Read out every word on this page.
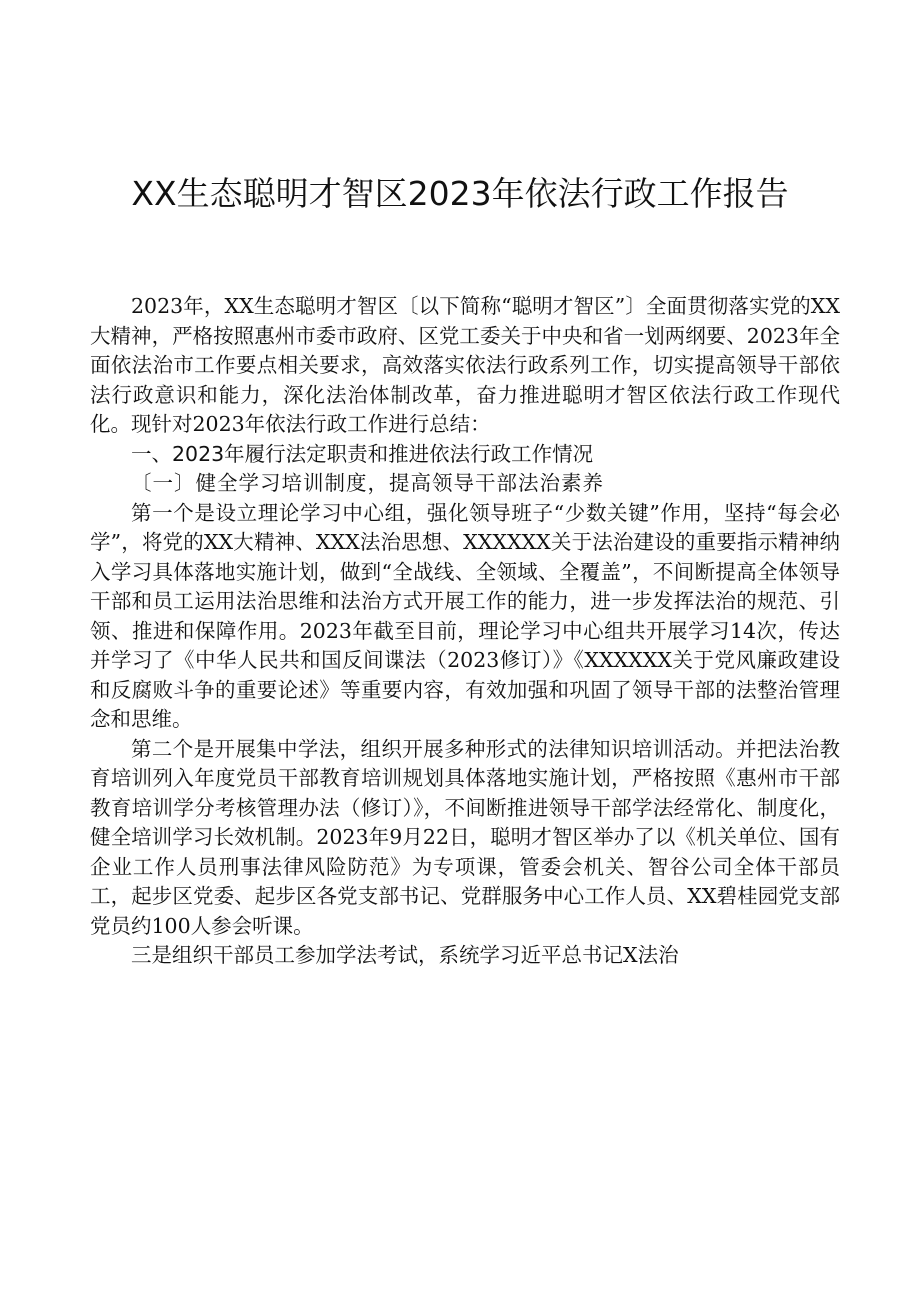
XX生态聪明才智区2023年依法行政工作报告

2023年，XX生态聪明才智区〔以下简称“聪明才智区”〕全面贯彻落实党的XX大精神，严格按照惠州市委市政府、区党工委关于中央和省一划两纲要、2023年全面依法治市工作要点相关要求，高效落实依法行政系列工作，切实提高领导干部依法行政意识和能力，深化法治体制改革，奋力推进聪明才智区依法行政工作现代化。现针对2023年依法行政工作进行总结：

一、2023年履行法定职责和推进依法行政工作情况

〔一〕健全学习培训制度，提高领导干部法治素养

第一个是设立理论学习中心组，强化领导班子“少数关键”作用，坚持“每会必学”，将党的XX大精神、XXX法治思想、XXXXXX关于法治建设的重要指示精神纳入学习具体落地实施计划，做到“全战线、全领域、全覆盖”，不间断提高全体领导干部和员工运用法治思维和法治方式开展工作的能力，进一步发挥法治的规范、引领、推进和保障作用。2023年截至目前，理论学习中心组共开展学习14次，传达并学习了《中华人民共和国反间谍法（2023修订）》《XXXXXX关于党风廉政建设和反腐败斗争的重要论述》等重要内容，有效加强和巩固了领导干部的法整治管理念和思维。

第二个是开展集中学法，组织开展多种形式的法律知识培训活动。并把法治教育培训列入年度党员干部教育培训规划具体落地实施计划，严格按照《惠州市干部教育培训学分考核管理办法（修订）》，不间断推进领导干部学法经常化、制度化，健全培训学习长效机制。2023年9月22日，聪明才智区举办了以《机关单位、国有企业工作人员刑事法律风险防范》为专项课，管委会机关、智谷公司全体干部员工，起步区党委、起步区各党支部书记、党群服务中心工作人员、XX碧桂园党支部党员约100人参会听课。

三是组织干部员工参加学法考试，系统学习近平总书记X法治
